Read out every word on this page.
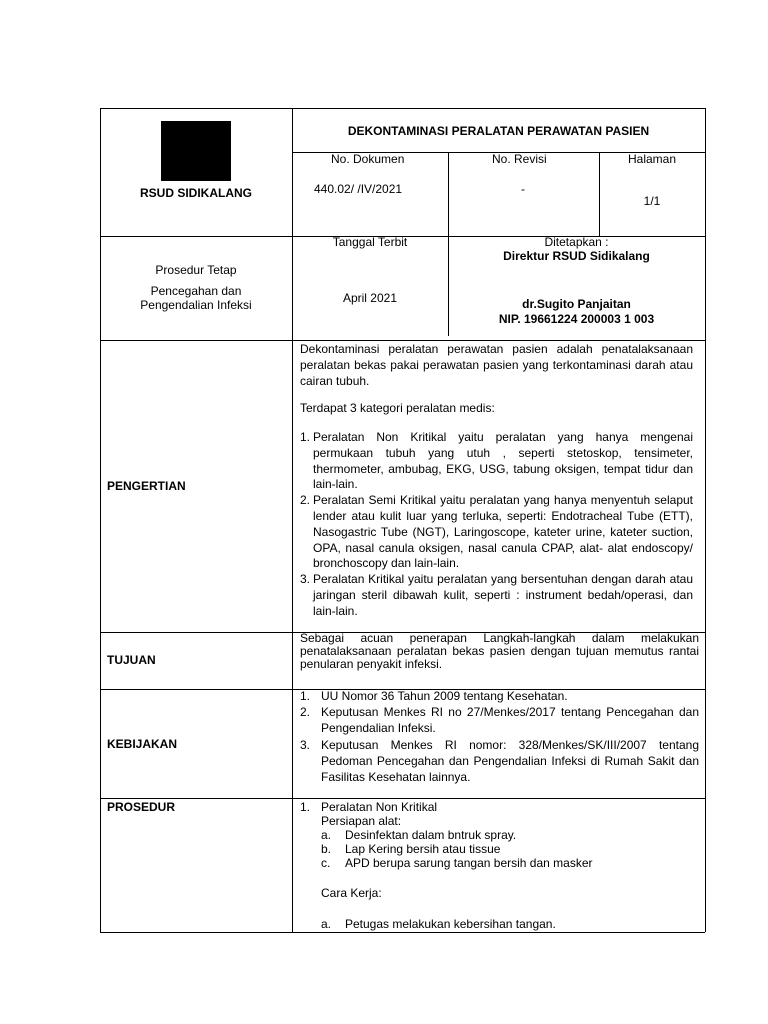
RSUD SIDIKALANG
DEKONTAMINASI PERALATAN PERAWATAN PASIEN
No. Dokumen
440.02/ /IV/2021
No. Revisi
-
Halaman
1/1
Prosedur Tetap
Pencegahan dan
Pengendalian Infeksi
Tanggal Terbit
April 2021
Ditetapkan :
Direktur RSUD Sidikalang
dr.Sugito Panjaitan
NIP. 19661224 200003 1 003
PENGERTIAN
Dekontaminasi peralatan perawatan pasien adalah penatalaksanaan peralatan bekas pakai perawatan pasien yang terkontaminasi darah atau cairan tubuh.
Terdapat 3 kategori peralatan medis:
1. Peralatan Non Kritikal yaitu peralatan yang hanya mengenai permukaan tubuh yang utuh , seperti stetoskop, tensimeter, thermometer, ambubag, EKG, USG, tabung oksigen, tempat tidur dan lain-lain.
2. Peralatan Semi Kritikal yaitu peralatan yang hanya menyentuh selaput lender atau kulit luar yang terluka, seperti: Endotracheal Tube (ETT), Nasogastric Tube (NGT), Laringoscope, kateter urine, kateter suction, OPA, nasal canula oksigen, nasal canula CPAP, alat- alat endoscopy/ bronchoscopy dan lain-lain.
3. Peralatan Kritikal yaitu peralatan yang bersentuhan dengan darah atau jaringan steril dibawah kulit, seperti : instrument bedah/operasi, dan lain-lain.
TUJUAN
Sebagai acuan penerapan Langkah-langkah dalam melakukan penatalaksanaan peralatan bekas pasien dengan tujuan memutus rantai penularan penyakit infeksi.
KEBIJAKAN
1. UU Nomor 36 Tahun 2009 tentang Kesehatan.
2. Keputusan Menkes RI no 27/Menkes/2017 tentang Pencegahan dan Pengendalian Infeksi.
3. Keputusan Menkes RI nomor: 328/Menkes/SK/III/2007 tentang Pedoman Pencegahan dan Pengendalian Infeksi di Rumah Sakit dan Fasilitas Kesehatan lainnya.
PROSEDUR	1. Peralatan Non Kritikal
Persiapan alat:
a. Desinfektan dalam bntruk spray.
b. Lap Kering bersih atau tissue
c. APD berupa sarung tangan bersih dan masker
Cara Kerja:
a. Petugas melakukan kebersihan tangan.
